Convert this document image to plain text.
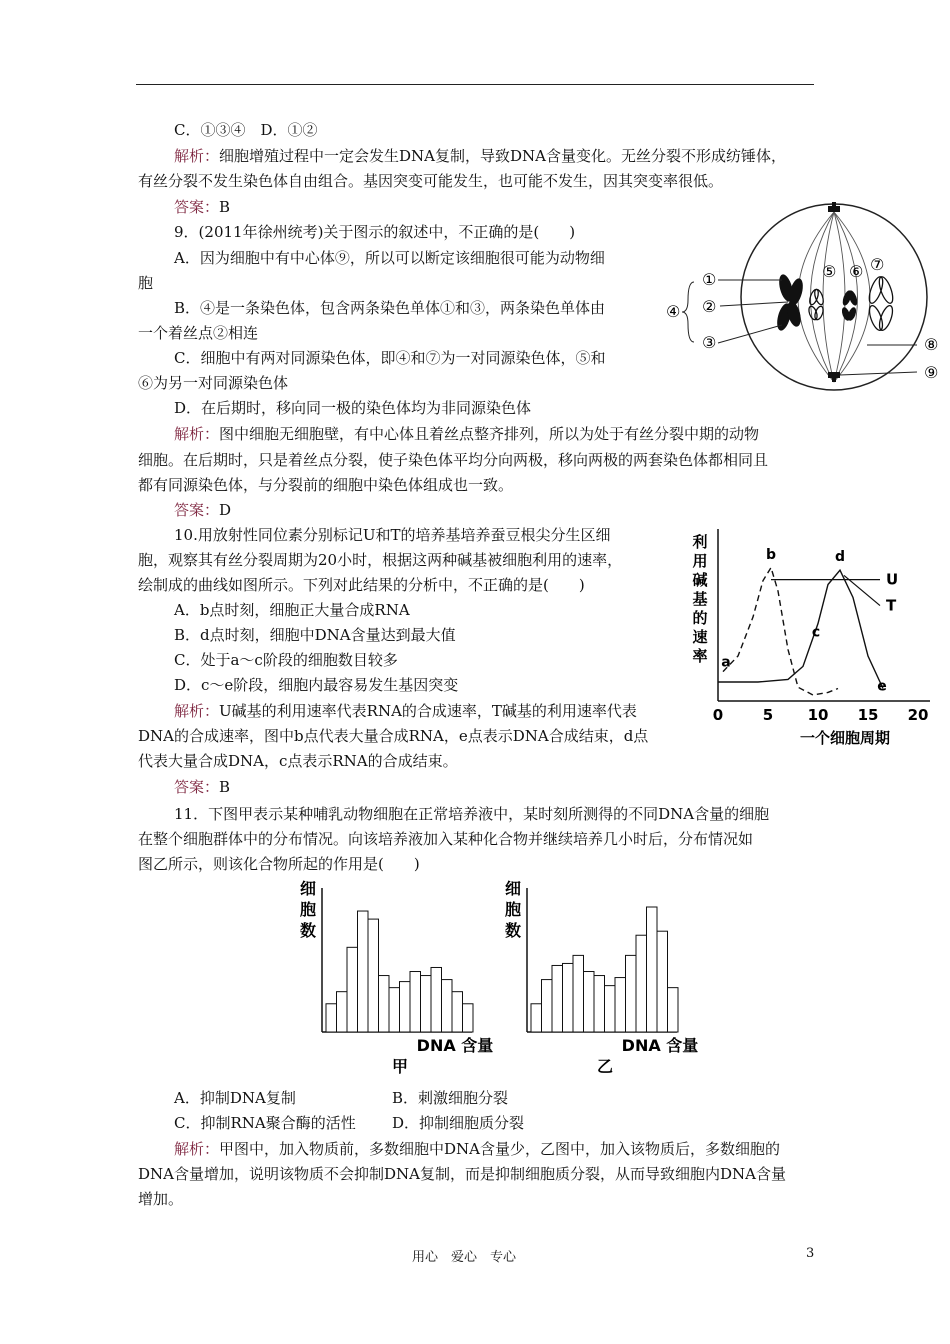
C．①③④　D．①②
解析：细胞增殖过程中一定会发生DNA复制，导致DNA含量变化。无丝分裂不形成纺锤体，
有丝分裂不发生染色体自由组合。基因突变可能发生，也可能不发生，因其突变率很低。
答案：B
9．(2011年徐州统考)关于图示的叙述中，不正确的是(　　)
A．因为细胞中有中心体⑨，所以可以断定该细胞很可能为动物细
胞
B．④是一条染色体，包含两条染色单体①和③，两条染色单体由
一个着丝点②相连
C．细胞中有两对同源染色体，即④和⑦为一对同源染色体，⑤和
⑥为另一对同源染色体
D．在后期时，移向同一极的染色体均为非同源染色体
解析：图中细胞无细胞壁，有中心体且着丝点整齐排列，所以为处于有丝分裂中期的动物
细胞。在后期时，只是着丝点分裂，使子染色体平均分向两极，移向两极的两套染色体都相同且
都有同源染色体，与分裂前的细胞中染色体组成也一致。
答案：D
①
②
③
④
⑤ ⑥ ⑦
⑧
⑨
10.用放射性同位素分别标记U和T的培养基培养蚕豆根尖分生区细
胞，观察其有丝分裂周期为20小时，根据这两种碱基被细胞利用的速率，
绘制成的曲线如图所示。下列对此结果的分析中，不正确的是(　　)
A．b点时刻，细胞正大量合成RNA
B．d点时刻，细胞中DNA含量达到最大值
C．处于a～c阶段的细胞数目较多
D．c～e阶段，细胞内最容易发生基因突变
解析：U碱基的利用速率代表RNA的合成速率，T碱基的利用速率代表
DNA的合成速率，图中b点代表大量合成RNA，e点表示DNA合成结束，d点
代表大量合成DNA，c点表示RNA的合成结束。
答案：B
利
用
碱
基
的
速
率
0	5 10 15 20
U
T
a
b
c
d
e
一个细胞周期
11．下图甲表示某种哺乳动物细胞在正常培养液中，某时刻所测得的不同DNA含量的细胞
在整个细胞群体中的分布情况。向该培养液加入某种化合物并继续培养几小时后，分布情况如
图乙所示，则该化合物所起的作用是(　　)
细
胞
数
DNA 含量
甲
细
胞
数
DNA 含量
乙
A．抑制DNA复制	B．刺激细胞分裂
C．抑制RNA聚合酶的活性 D．抑制细胞质分裂
解析：甲图中，加入物质前，多数细胞中DNA含量少，乙图中，加入该物质后，多数细胞的
DNA含量增加，说明该物质不会抑制DNA复制，而是抑制细胞质分裂，从而导致细胞内DNA含量
增加。
用心　爱心　专心	3
